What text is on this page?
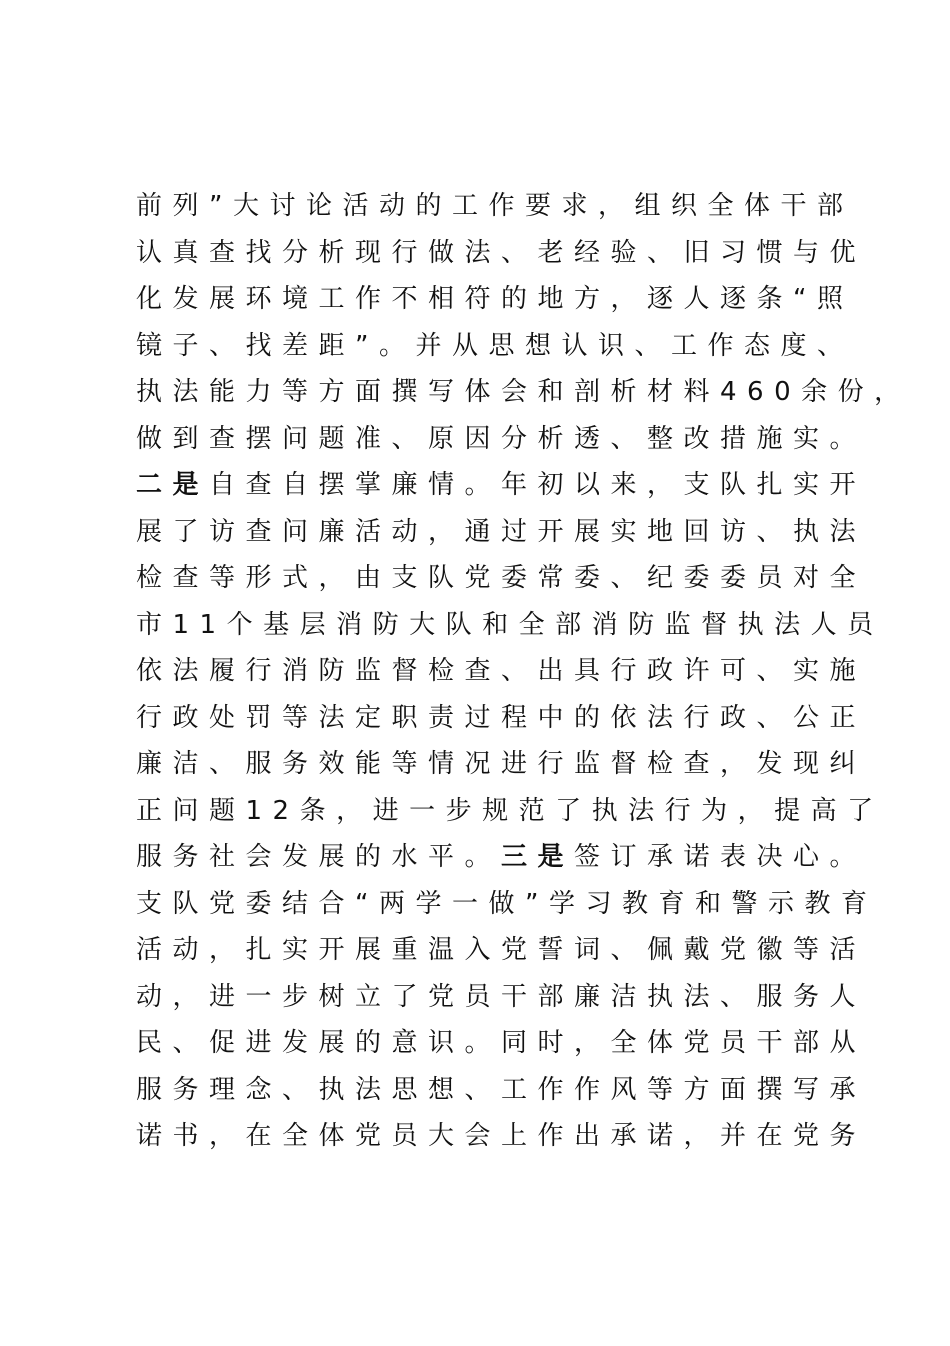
前列”大讨论活动的工作要求，组织全体干部
认真查找分析现行做法、老经验、旧习惯与优
化发展环境工作不相符的地方，逐人逐条“照
镜子、找差距”。并从思想认识、工作态度、
执法能力等方面撰写体会和剖析材料460余份，
做到查摆问题准、原因分析透、整改措施实。
二是自查自摆掌廉情。年初以来，支队扎实开
展了访查问廉活动，通过开展实地回访、执法
检查等形式，由支队党委常委、纪委委员对全
市11个基层消防大队和全部消防监督执法人员
依法履行消防监督检查、出具行政许可、实施
行政处罚等法定职责过程中的依法行政、公正
廉洁、服务效能等情况进行监督检查，发现纠
正问题12条，进一步规范了执法行为，提高了
服务社会发展的水平。三是签订承诺表决心。
支队党委结合“两学一做”学习教育和警示教育
活动，扎实开展重温入党誓词、佩戴党徽等活
动，进一步树立了党员干部廉洁执法、服务人
民、促进发展的意识。同时，全体党员干部从
服务理念、执法思想、工作作风等方面撰写承
诺书，在全体党员大会上作出承诺，并在党务
